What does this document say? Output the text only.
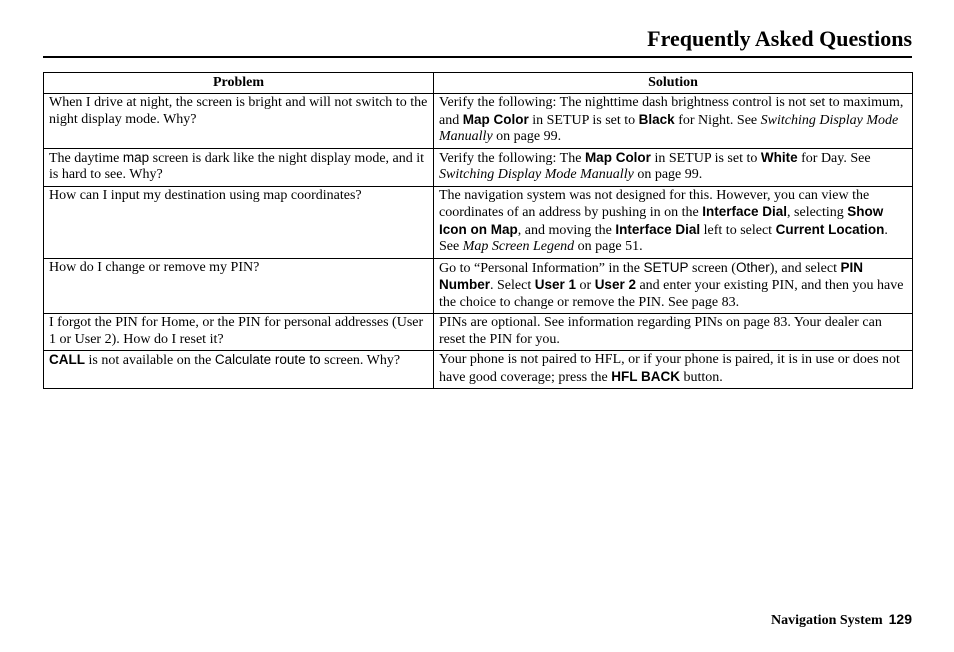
Frequently Asked Questions
Problem	Solution
When I drive at night, the screen is bright and will not switch to the night display mode. Why?	Verify the following: The nighttime dash brightness control is not set to maximum, and Map Color in SETUP is set to Black for Night. See Switching Display Mode Manually on page 99.
The daytime map screen is dark like the night display mode, and it is hard to see. Why?	Verify the following: The Map Color in SETUP is set to White for Day. See Switching Display Mode Manually on page 99.
How can I input my destination using map coordinates?	The navigation system was not designed for this. However, you can view the coordinates of an address by pushing in on the Interface Dial, selecting Show Icon on Map, and moving the Interface Dial left to select Current Location. See Map Screen Legend on page 51.
How do I change or remove my PIN?	Go to “Personal Information” in the SETUP screen (Other), and select PIN Number. Select User 1 or User 2 and enter your existing PIN, and then you have the choice to change or remove the PIN. See page 83.
I forgot the PIN for Home, or the PIN for personal addresses (User 1 or User 2). How do I reset it?	PINs are optional. See information regarding PINs on page 83. Your dealer can reset the PIN for you.
CALL is not available on the Calculate route to screen. Why?	Your phone is not paired to HFL, or if your phone is paired, it is in use or does not have good coverage; press the HFL BACK button.
Navigation System 129
